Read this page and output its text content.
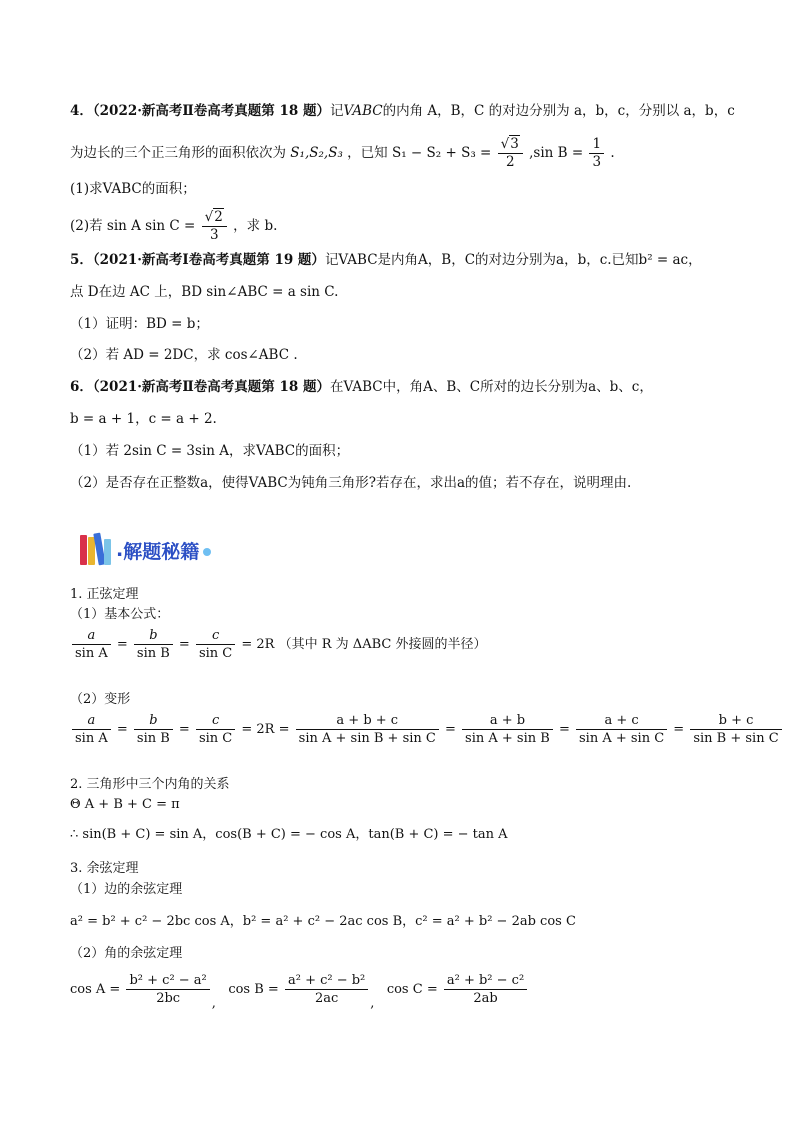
4．（2022·新高考Ⅱ卷高考真题第 18 题）记VABC的内角 A，B，C 的对边分别为 a，b，c，分别以 a，b，c
为边长的三个正三角形的面积依次为 S₁,S₂,S₃ ，已知 $S_1 - S_2 + S_3 = \frac{√3}{2} ,\sin$ $B = \frac{1}{3}$ .
(1)求VABC的面积；
(2)若 sin A $\sin C = \frac{√2}{3}$ ，求 b.
5．（2021·新高考Ⅰ卷高考真题第 19 题）记VABC是内角A，B，C的对边分别为a，b，c.已知b² = ac，
点 D在边 AC 上，BD sin∠ABC = a sin C.
（1）证明：BD = b；
（2）若 AD = 2DC，求 cos∠ABC .
6．（2021·新高考Ⅱ卷高考真题第 18 题）在VABC中，角A、B、C所对的边长分别为a、b、c，
b = a + 1，c = a + 2.
（1）若 2sin C = 3sin A，求VABC的面积；
（2）是否存在正整数a，使得VABC为钝角三角形?若存在，求出a的值；若不存在，说明理由.
. 解题秘籍
1. 正弦定理
（1）基本公式：
$\frac{a}{\text{sin A}} = \frac{b}{\text{sin B}} = \frac{c}{\text{sin C}} = 2R$ （其中 R 为 ΔABC 外接圆的半径）
（2）变形
$\frac{a}{\text{sin A}} = \frac{b}{\text{sin B}} = \frac{c}{\text{sin C}} = 2R = \frac{a + b + c}{\text{sin A + sin B + sin C}} = \frac{a + b}{\text{sin A + sin B}} = \frac{a + c}{\text{sin A + sin C}} = \frac{b + c}{\text{sin B + sin C}}$
2. 三角形中三个内角的关系
Θ A + B + C = π
∴ sin(B + C) = sin A，cos(B + C) = − cos A，tan(B + C) = − tan A
3. 余弦定理
（1）边的余弦定理
a² = b² + c² − 2bc cos A，b² = a² + c² − 2ac cos B，c² = a² + b² − 2ab cos C
（2）角的余弦定理
$\cos A = \frac{\text{b² + c² − a²}}{2bc}$ ,   $\cos B = \frac{\text{a² + c² − b²}}{2ac}$ ,   $\cos C = \frac{\text{a² + b² − c²}}{2ab}$
